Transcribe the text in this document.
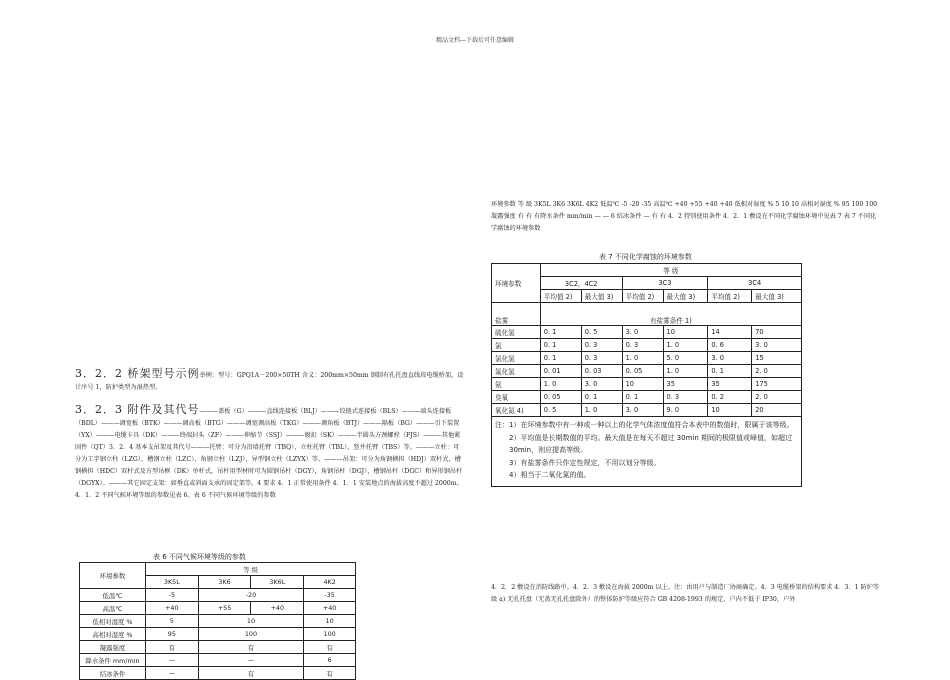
精品文档---下载后可任意编辑
环境参数 等 级 3K5L 3K6 3K6L 4K2 低温℃ -5 -20 -35 高温℃ +40 +55 +40 +40 低相对湿度 % 5 10 10 高相对湿度 % 95 100 100 凝露强度 有 有 有降水条件 mm/min — — 6 结冰条件 — 有 有 4．2 特别使用条件 4．2．1 敷设在不同化学腐蚀环境中见表 7 表 7 不同化学腐蚀的环境参数
表 7 不同化学腐蚀的环境参数
环境参数	等 级					
	3C2，4C2		3C3		3C4	
	平均值 2)	最大值 3)	平均值 2)	最大值 3)	平均值 2)	最大值 3)
盐雾	有盐雾条件 1)					
硫化氢	0. 1	0. 5	3. 0	10	14	70
氯	0. 1	0. 3	0. 3	1. 0	0. 6	3. 0
氯化氢	0. 1	0. 3	1. 0	5. 0	3. 0	15
氟化氢	0. 01	0. 03	0. 05	1. 0	0. 1	2. 0
氨	1. 0	3. 0	10	35	35	175
臭氧	0. 05	0. 1	0. 1	0. 3	0. 2	2. 0
氧化氮 4)	0. 5	1. 0	3. 0	9. 0	10	20

注：1）在环境参数中有一种或一种以上的化学气体浓度值符合本表中的数值时，限属于该等级。
2）平均值是长期数值的平均。最大值是在每天不超过 30min 期间的极限值或峰值，如超过 30min，则应提高等级。
3）有盐雾条件只作定性规定，不用以划分等级。
4）相当于二氧化氮的值。						
3．2．2 桥架型号示例举例：型号：GPQ1A－200×50TH 含义：200mm×50mm 钢制有孔托盘直线段电缆桥架，设计序号 1，防护类型为湿热型。
3．2．3 附件及其代号———盖板（G）———直线连接板（BLJ）———铰链式连接板（BLS）———端头连接板（BDL）———调宽板（BTK）———调高板（BTG）———调宽调高板（TKG）———调角板（BTJ）———隔板（BG）———引下装置（YX）———电缆卡具（DK）———终端封头（ZF）———伸缩节（SSJ）———镀扣（SK）———半圆头方颈螺栓（FJS）———其他紧固件（QT）3．2．4 基本支吊架及其代号———托臂：可分为沿墙托臂（TBQ），立柱托臂（TBL），竖井托臂（TBS）等。———立柱：可分为工字钢立柱（LZG），槽钢立柱（LZC），角钢立柱（LZJ），异型钢立柱（LZYX）等。———吊架：可分为角钢横担（HDJ）双杆式、槽钢横担（HDC）双杆式及方型吊框（DK）单杆式，吊杆用型材时可为圆钢吊杆（DGY），角钢吊杆（DGJ），槽钢吊杆（DGC）和异形钢吊杆（DGYX）。———其它固定支架：如垂直或斜面支承的固定架等。4 要求 4．1 正常使用条件 4．1．1 安装地点的海拔高度不超过 2000m。4．1．2 不同气候环境等级的参数见表 6。表 6 不同气候环境等级的参数
4．2．2 敷设在消防线路中。4．2．3 敷设在海拔 2000m 以上。注：由用户与制造厂协商确定。4．3 电缆桥架的结构要求 4．3．1 防护等级 a) 无孔托盘（无盖无孔托盘除外）的整体防护等级应符合 GB 4208-1993 的规定，户内不低于 IP30，户外
表 6 不同气候环境等级的参数
环境参数	等 级			
	3K5L	3K6	3K6L	4K2
低温℃	-5	-20		-35
高温℃	+40	+55	+40	+40
低相对湿度 %	5	10		10
高相对湿度 %	95	100		100
凝露强度	有	有		有
降水条件 mm/min	—	—		6
结冰条件	—	有		有
